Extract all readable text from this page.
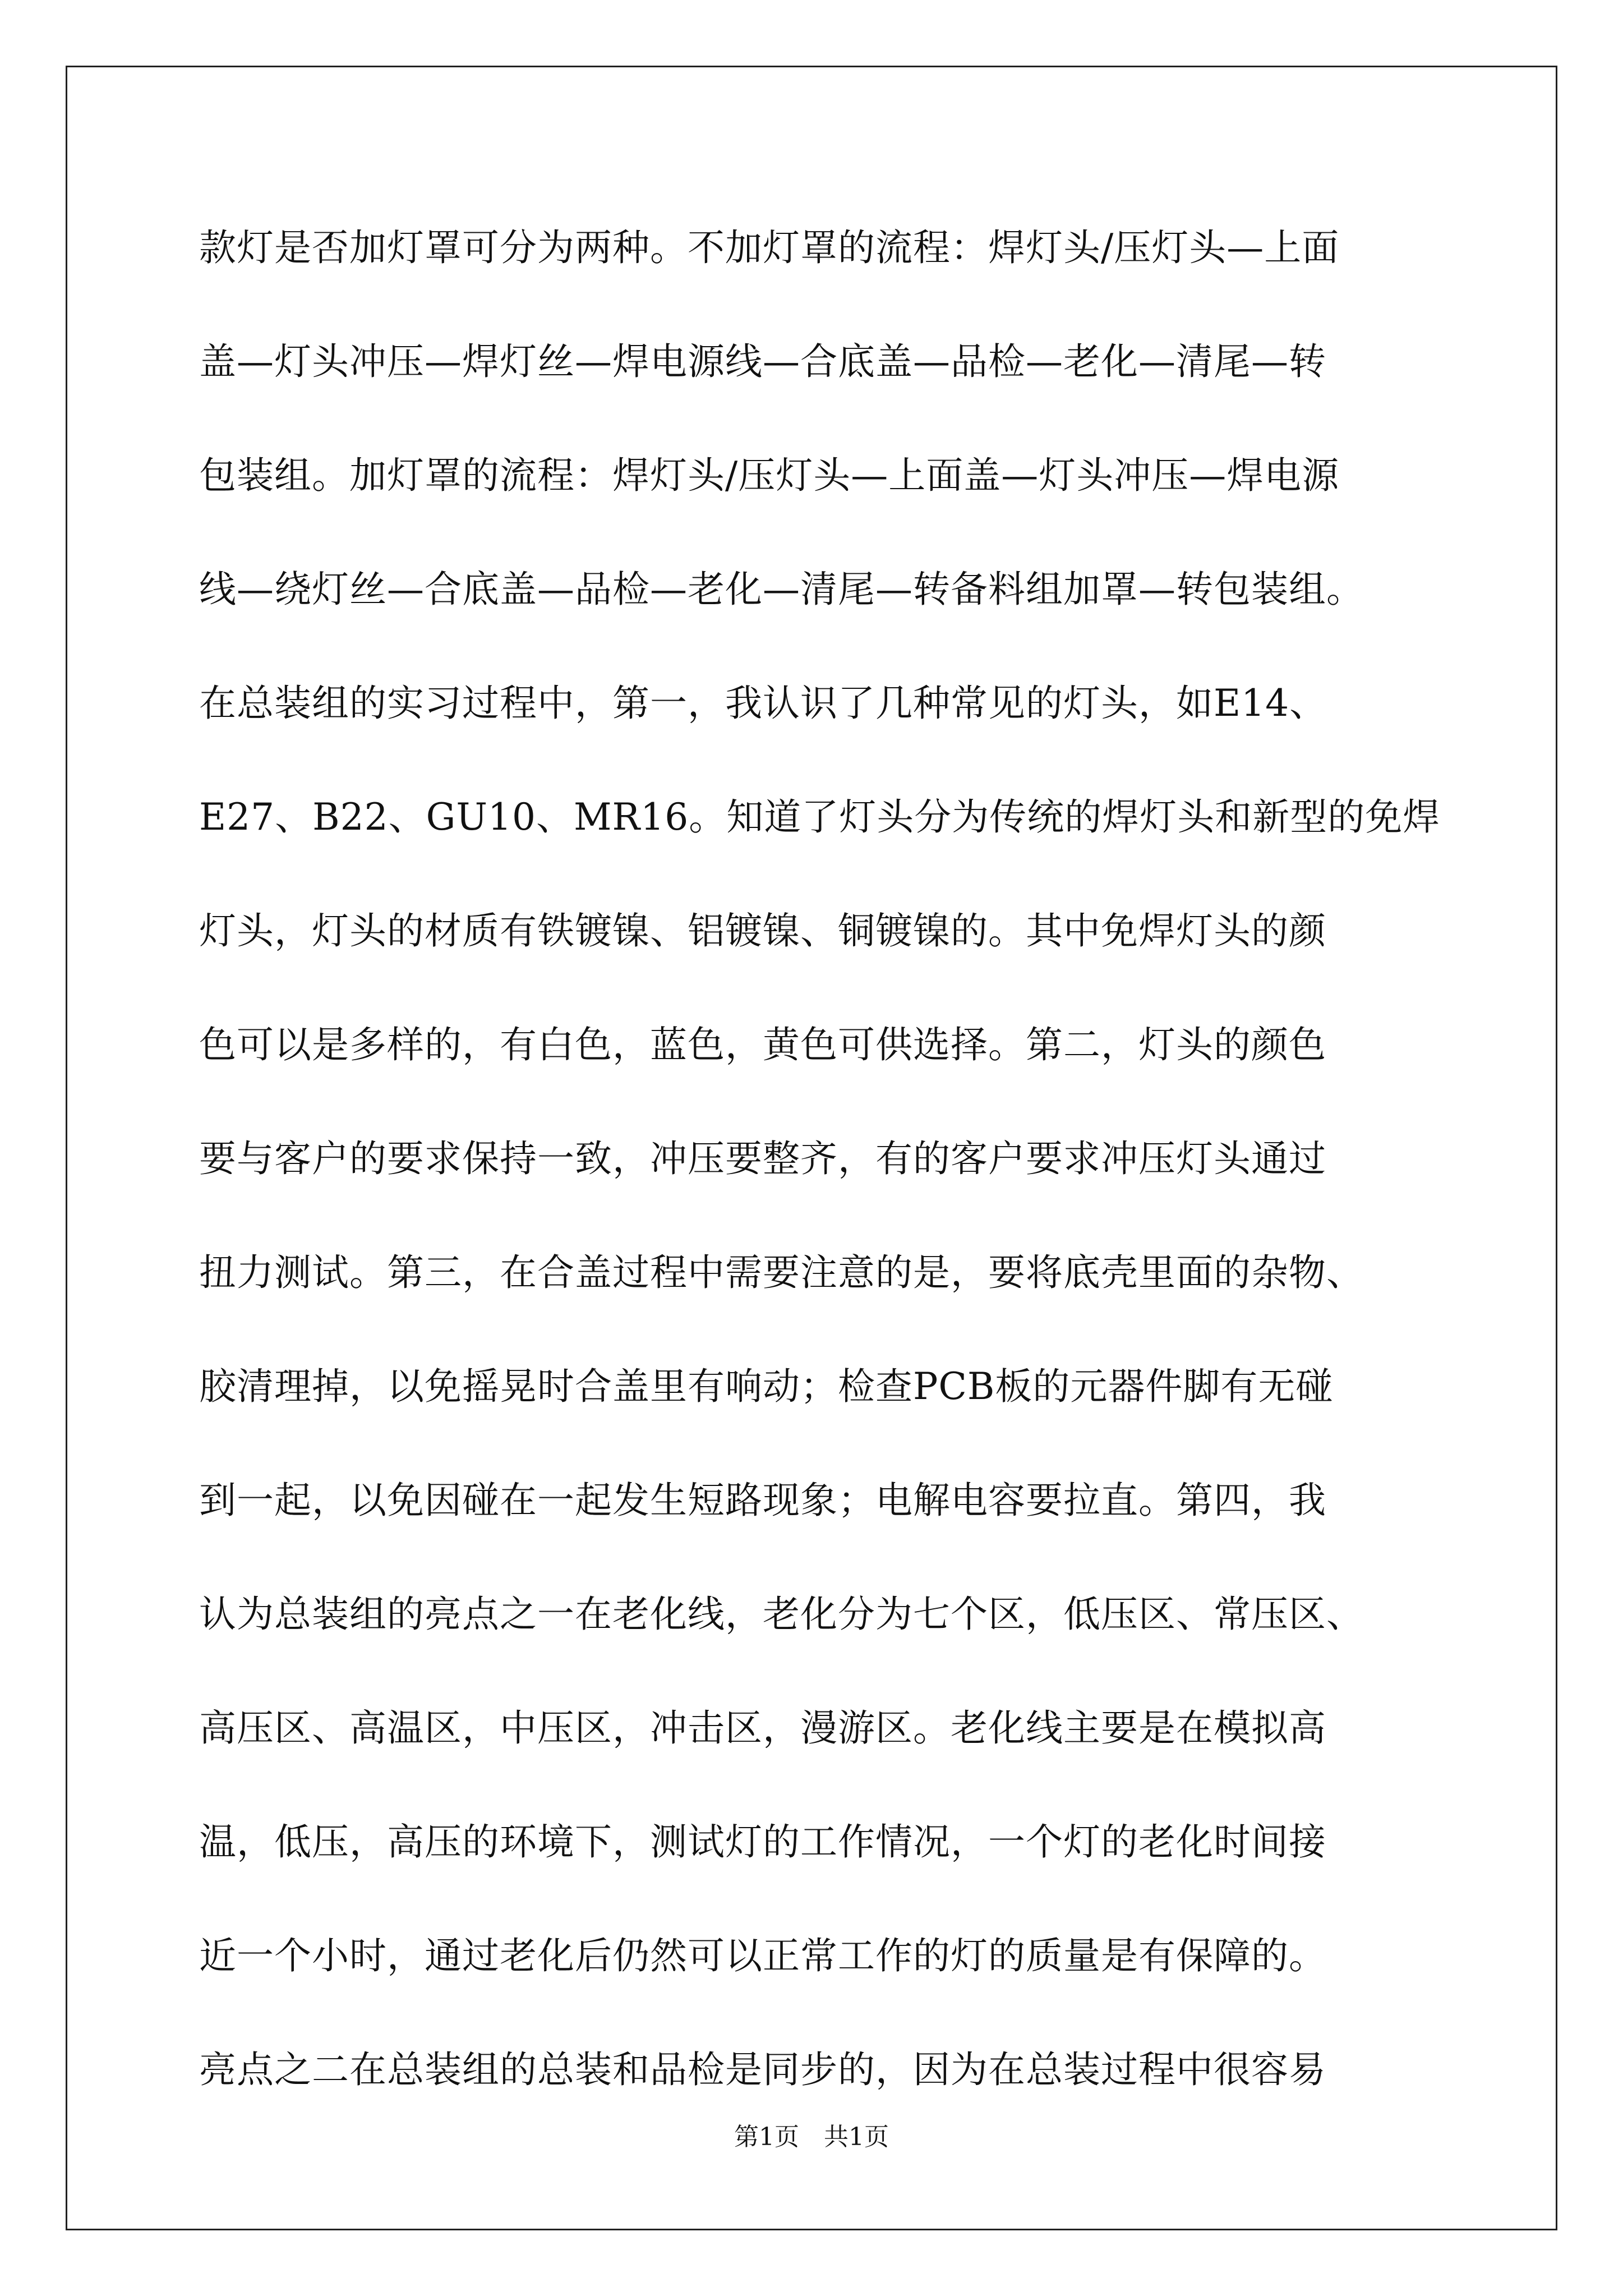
款灯是否加灯罩可分为两种。不加灯罩的流程：焊灯头/压灯头—上面
盖—灯头冲压—焊灯丝—焊电源线—合底盖—品检—老化—清尾—转
包装组。加灯罩的流程：焊灯头/压灯头—上面盖—灯头冲压—焊电源
线—绕灯丝—合底盖—品检—老化—清尾—转备料组加罩—转包装组。
在总装组的实习过程中，第一，我认识了几种常见的灯头，如E14、
E27、B22、GU10、MR16。知道了灯头分为传统的焊灯头和新型的免焊
灯头，灯头的材质有铁镀镍、铝镀镍、铜镀镍的。其中免焊灯头的颜
色可以是多样的，有白色，蓝色，黄色可供选择。第二，灯头的颜色
要与客户的要求保持一致，冲压要整齐，有的客户要求冲压灯头通过
扭力测试。第三，在合盖过程中需要注意的是，要将底壳里面的杂物、
胶清理掉，以免摇晃时合盖里有响动；检查PCB板的元器件脚有无碰
到一起，以免因碰在一起发生短路现象；电解电容要拉直。第四，我
认为总装组的亮点之一在老化线，老化分为七个区，低压区、常压区、
高压区、高温区，中压区，冲击区，漫游区。老化线主要是在模拟高
温，低压，高压的环境下，测试灯的工作情况，一个灯的老化时间接
近一个小时，通过老化后仍然可以正常工作的灯的质量是有保障的。
亮点之二在总装组的总装和品检是同步的，因为在总装过程中很容易
第1页　共1页
